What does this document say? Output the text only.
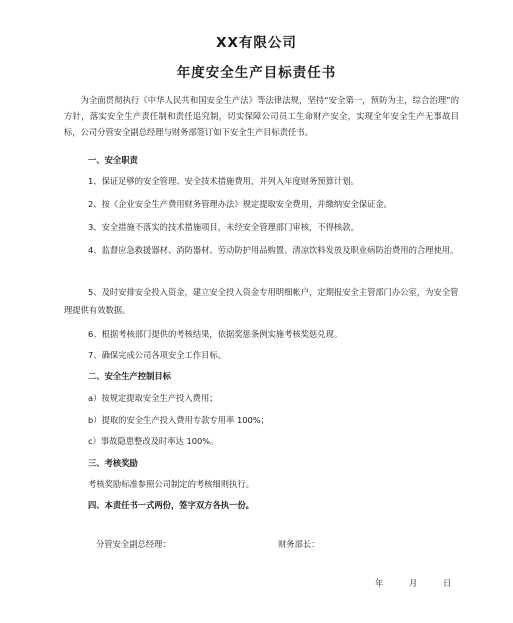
XX有限公司
年度安全生产目标责任书
为全面贯彻执行《中华人民共和国安全生产法》等法律法规，坚持“安全第一，预防为主，综合治理”的方针，落实安全生产责任制和责任追究制，切实保障公司员工生命财产安全，实现全年安全生产无事故目标，公司分管安全副总经理与财务部签订如下安全生产目标责任书。
一、安全职责
1、保证足够的安全管理、安全技术措施费用，并列入年度财务预算计划。
2、按《企业安全生产费用财务管理办法》规定提取安全费用，并缴纳安全保证金。
3、安全措施不落实的技术措施项目，未经安全管理部门审核，不得核款。
4、监督应急救援器材、消防器材、劳动防护用品购置、清凉饮料发放及职业病防治费用的合理使用。
5、及时安排安全投入资金，建立安全投入资金专用明细帐户，定期报安全主管部门办公室，为安全管理提供有效数据。
6、根据考核部门提供的考核结果，依据奖惩条例实施考核奖惩兑现。
7、确保完成公司各项安全工作目标。
二、安全生产控制目标
a）按规定提取安全生产投入费用；
b）提取的安全生产投入费用专款专用率 100%；
c）事故隐患整改及时率达 100%。
三、考核奖励
考核奖励标准参照公司制定的考核细则执行。
四、本责任书一式两份，签字双方各执一份。
分管安全副总经理：	财务部长：
年	月	日
